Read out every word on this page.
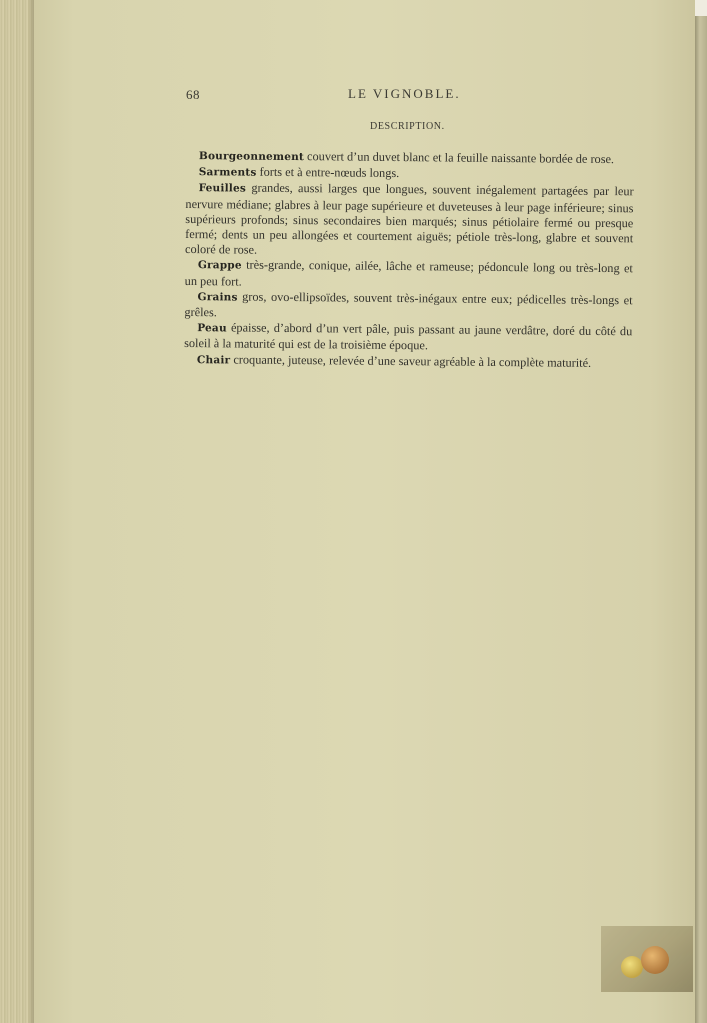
68	LE VIGNOBLE.
DESCRIPTION.

Bourgeonnement couvert d’un duvet blanc et la feuille naissante bordée de rose.

Sarments forts et à entre-nœuds longs.

Feuilles grandes, aussi larges que longues, souvent inégalement partagées par leur nervure médiane; glabres à leur page supérieure et duveteuses à leur page inférieure; sinus supérieurs profonds; sinus secondaires bien marqués; sinus pétiolaire fermé ou presque fermé; dents un peu allongées et courtement aiguës; pétiole très-long, glabre et souvent coloré de rose.

Grappe très-grande, conique, ailée, lâche et rameuse; pédoncule long ou très-long et un peu fort.

Grains gros, ovo-ellipsoïdes, souvent très-inégaux entre eux; pédicelles très-longs et grêles.

Peau épaisse, d’abord d’un vert pâle, puis passant au jaune verdâtre, doré du côté du soleil à la maturité qui est de la troisième époque.

Chair croquante, juteuse, relevée d’une saveur agréable à la complète maturité.
